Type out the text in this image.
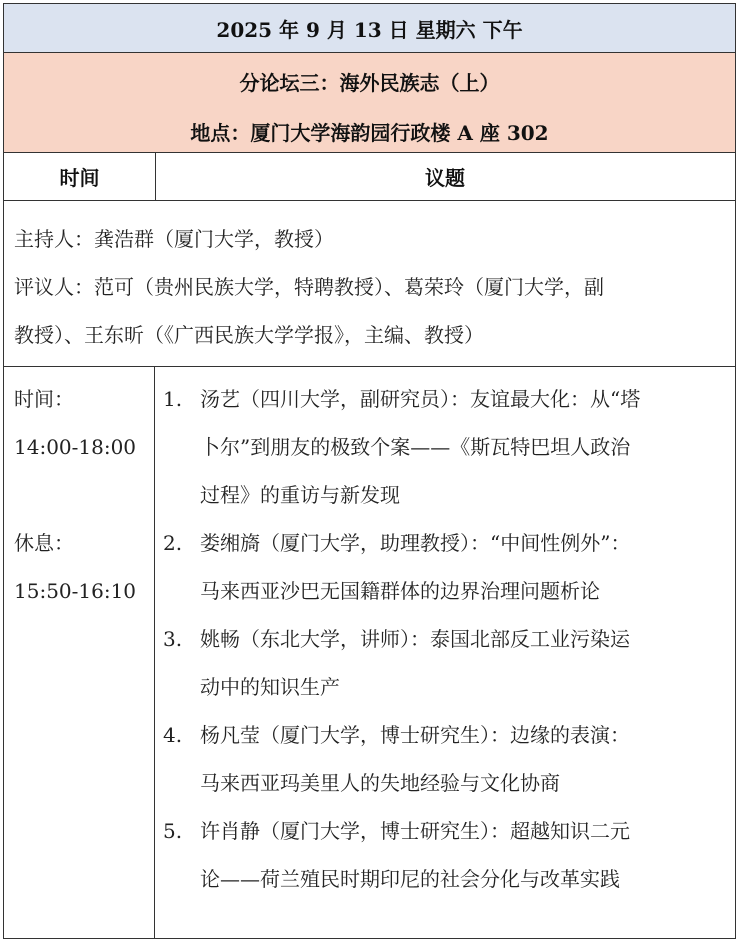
2025 年 9 月 13 日 星期六 下午
分论坛三：海外民族志（上）
地点：厦门大学海韵园行政楼 A 座 302
时间	议题

主持人：龚浩群（厦门大学，教授）

评议人：范可（贵州民族大学，特聘教授）、葛荣玲（厦门大学，副

教授）、王东昕（《广西民族大学学报》，主编、教授）

时间：

14:00-18:00

休息：

15:50-16:10

1. 汤艺（四川大学，副研究员）：友谊最大化：从“塔
卜尔”到朋友的极致个案——《斯瓦特巴坦人政治
过程》的重访与新发现
2. 娄缃旖（厦门大学，助理教授）：“中间性例外”：
马来西亚沙巴无国籍群体的边界治理问题析论
3. 姚畅（东北大学，讲师）：泰国北部反工业污染运
动中的知识生产
4. 杨凡莹（厦门大学，博士研究生）：边缘的表演：
马来西亚玛美里人的失地经验与文化协商
5. 许肖静（厦门大学，博士研究生）：超越知识二元
论——荷兰殖民时期印尼的社会分化与改革实践
